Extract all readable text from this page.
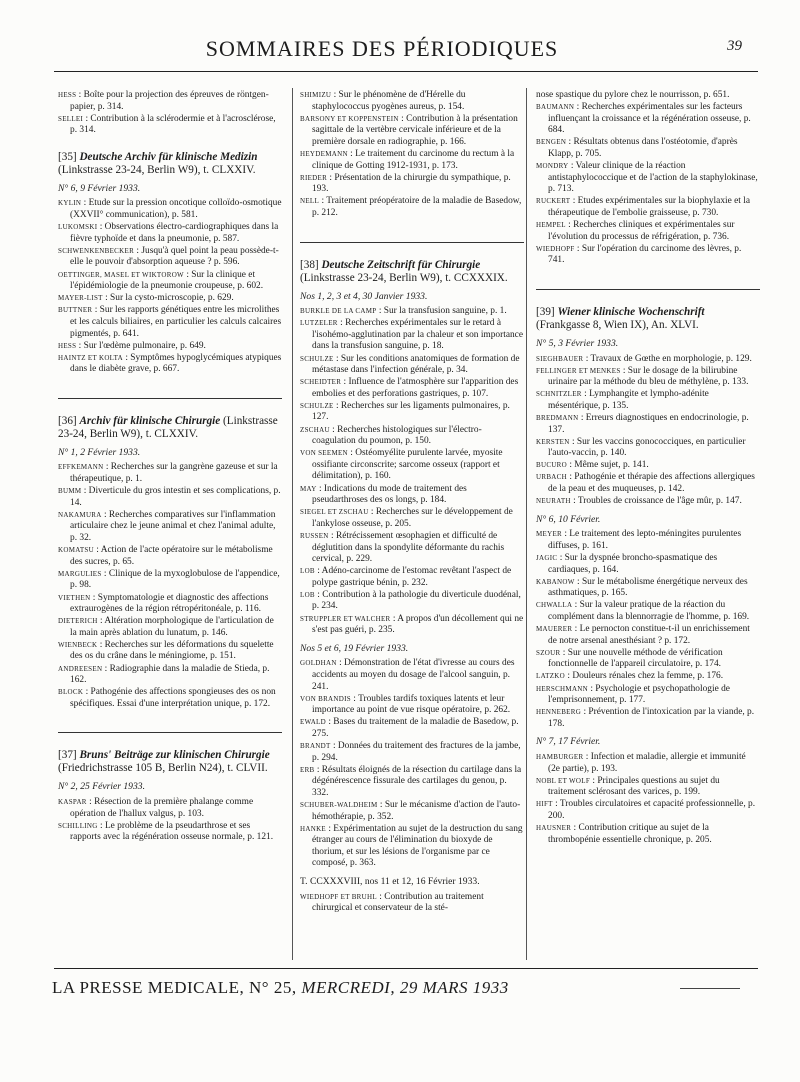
SOMMAIRES DES PÉRIODIQUES	39
HESS : Boîte pour la projection des épreuves de röntgen-papier, p. 314.
SELLEI : Contribution à la sclérodermie et à l'acrosclérose, p. 314.
[35] Deutsche Archiv für klinische Medizin (Linkstrasse 23-24, Berlin W9), t. CLXXIV.
N° 6, 9 Février 1933.
KYLIN : Etude sur la pression oncotique colloïdo-osmotique (XXVII° communication), p. 581.
LUKOMSKI : Observations électro-cardiographiques dans la fièvre typhoïde et dans la pneumonie, p. 587.
SCHWENKENBECKER : Jusqu'à quel point la peau possède-t-elle le pouvoir d'absorption aqueuse ? p. 596.
OETTINGER, MASEL ET WIKTOROW : Sur la clinique et l'épidémiologie de la pneumonie croupeuse, p. 602.
MAYER-LIST : Sur la cysto-microscopie, p. 629.
BUTTNER : Sur les rapports génétiques entre les microlithes et les calculs biliaires, en particulier les calculs calcaires pigmentés, p. 641.
HESS : Sur l'œdème pulmonaire, p. 649.
HAINTZ ET KOLTA : Symptômes hypoglycémiques atypiques dans le diabète grave, p. 667.
[36] Archiv für klinische Chirurgie (Linkstrasse 23-24, Berlin W9), t. CLXXIV.
N° 1, 2 Février 1933.
EFFKEMANN : Recherches sur la gangrène gazeuse et sur la thérapeutique, p. 1.
BUMM : Diverticule du gros intestin et ses complications, p. 14.
NAKAMURA : Recherches comparatives sur l'inflammation articulaire chez le jeune animal et chez l'animal adulte, p. 32.
KOMATSU : Action de l'acte opératoire sur le métabolisme des sucres, p. 65.
MARGULIES : Clinique de la myxoglobulose de l'appendice, p. 98.
VIETHEN : Symptomatologie et diagnostic des affections extraurogènes de la région rétropéritonéale, p. 116.
DIETERICH : Altération morphologique de l'articulation de la main après ablation du lunatum, p. 146.
WIENBECK : Recherches sur les déformations du squelette des os du crâne dans le méningiome, p. 151.
ANDREESEN : Radiographie dans la maladie de Stieda, p. 162.
BLOCK : Pathogénie des affections spongieuses des os non spécifiques. Essai d'une interprétation unique, p. 172.
[37] Bruns' Beiträge zur klinischen Chirurgie (Friedrichstrasse 105 B, Berlin N24), t. CLVII.
N° 2, 25 Février 1933.
KASPAR : Résection de la première phalange comme opération de l'hallux valgus, p. 103.
SCHILLING : Le problème de la pseudarthrose et ses rapports avec la régénération osseuse normale, p. 121.
SHIMIZU : Sur le phénomène de d'Hérelle du staphylococcus pyogènes aureus, p. 154.
BARSONY ET KOPPENSTEIN : Contribution à la présentation sagittale de la vertèbre cervicale inférieure et de la première dorsale en radiographie, p. 166.
HEYDEMANN : Le traitement du carcinome du rectum à la clinique de Gotting 1912-1931, p. 173.
RIEDER : Présentation de la chirurgie du sympathique, p. 193.
NELL : Traitement préopératoire de la maladie de Basedow, p. 212.
[38] Deutsche Zeitschrift für Chirurgie (Linkstrasse 23-24, Berlin W9), t. CCXXXIX.
Nos 1, 2, 3 et 4, 30 Janvier 1933.
BURKLE DE LA CAMP : Sur la transfusion sanguine, p. 1.
LUTZELER : Recherches expérimentales sur le retard à l'isohémo-agglutination par la chaleur et son importance dans la transfusion sanguine, p. 18.
SCHULZE : Sur les conditions anatomiques de formation de métastase dans l'infection générale, p. 34.
SCHEIDTER : Influence de l'atmosphère sur l'apparition des embolies et des perforations gastriques, p. 107.
SCHULZE : Recherches sur les ligaments pulmonaires, p. 127.
ZSCHAU : Recherches histologiques sur l'électro-coagulation du poumon, p. 150.
VON SEEMEN : Ostéomyélite purulente larvée, myosite ossifiante circonscrite; sarcome osseux (rapport et délimitation), p. 160.
MAY : Indications du mode de traitement des pseudarthroses des os longs, p. 184.
SIEGEL ET ZSCHAU : Recherches sur le développement de l'ankylose osseuse, p. 205.
RUSSEN : Rétrécissement œsophagien et difficulté de déglutition dans la spondylite déformante du rachis cervical, p. 229.
LOB : Adéno-carcinome de l'estomac revêtant l'aspect de polype gastrique bénin, p. 232.
LOB : Contribution à la pathologie du diverticule duodénal, p. 234.
STRUPPLER ET WALCHER : A propos d'un décollement qui ne s'est pas guéri, p. 235.
Nos 5 et 6, 19 Février 1933.
GOLDHAN : Démonstration de l'état d'ivresse au cours des accidents au moyen du dosage de l'alcool sanguin, p. 241.
VON BRANDIS : Troubles tardifs toxiques latents et leur importance au point de vue risque opératoire, p. 262.
EWALD : Bases du traitement de la maladie de Basedow, p. 275.
BRANDT : Données du traitement des fractures de la jambe, p. 294.
ERB : Résultats éloignés de la résection du cartilage dans la dégénérescence fissurale des cartilages du genou, p. 332.
SCHUBER-WALDHEIM : Sur le mécanisme d'action de l'auto-hémothérapie, p. 352.
HANKE : Expérimentation au sujet de la destruction du sang étranger au cours de l'élimination du bioxyde de thorium, et sur les lésions de l'organisme par ce composé, p. 363.
T. CCXXXVIII, nos 11 et 12, 16 Février 1933.
WIEDHOPF ET BRUHL : Contribution au traitement chirurgical et conservateur de la sté-
nose spastique du pylore chez le nourrisson, p. 651.
BAUMANN : Recherches expérimentales sur les facteurs influençant la croissance et la régénération osseuse, p. 684.
BENGEN : Résultats obtenus dans l'ostéotomie, d'après Klapp, p. 705.
MONDRY : Valeur clinique de la réaction antistaphylococcique et de l'action de la staphylokinase, p. 713.
RUCKERT : Etudes expérimentales sur la biophylaxie et la thérapeutique de l'embolie graisseuse, p. 730.
HEMPEL : Recherches cliniques et expérimentales sur l'évolution du processus de réfrigération, p. 736.
WIEDHOPF : Sur l'opération du carcinome des lèvres, p. 741.
[39] Wiener klinische Wochenschrift (Frankgasse 8, Wien IX), An. XLVI.
N° 5, 3 Février 1933.
SIEGHBAUER : Travaux de Gœthe en morphologie, p. 129.
FELLINGER ET MENKES : Sur le dosage de la bilirubine urinaire par la méthode du bleu de méthylène, p. 133.
SCHNITZLER : Lymphangite et lympho-adénite mésentérique, p. 135.
BREDMANN : Erreurs diagnostiques en endocrinologie, p. 137.
KERSTEN : Sur les vaccins gonococciques, en particulier l'auto-vaccin, p. 140.
BUCURO : Même sujet, p. 141.
URBACH : Pathogénie et thérapie des affections allergiques de la peau et des muqueuses, p. 142.
NEURATH : Troubles de croissance de l'âge mûr, p. 147.
N° 6, 10 Février.
MEYER : Le traitement des lepto-méningites purulentes diffuses, p. 161.
JAGIC : Sur la dyspnée broncho-spasmatique des cardiaques, p. 164.
KABANOW : Sur le métabolisme énergétique nerveux des asthmatiques, p. 165.
CHWALLA : Sur la valeur pratique de la réaction du complément dans la blennorragie de l'homme, p. 169.
MAUERER : Le pernocton constitue-t-il un enrichissement de notre arsenal anesthésiant ? p. 172.
SZOUR : Sur une nouvelle méthode de vérification fonctionnelle de l'appareil circulatoire, p. 174.
LATZKO : Douleurs rénales chez la femme, p. 176.
HERSCHMANN : Psychologie et psychopathologie de l'emprisonnement, p. 177.
HENNEBERG : Prévention de l'intoxication par la viande, p. 178.
N° 7, 17 Février.
HAMBURGER : Infection et maladie, allergie et immunité (2e partie), p. 193.
NOBL ET WOLF : Principales questions au sujet du traitement sclérosant des varices, p. 199.
HIFT : Troubles circulatoires et capacité professionnelle, p. 200.
HAUSNER : Contribution critique au sujet de la thrombopénie essentielle chronique, p. 205.
LA PRESSE MEDICALE, N° 25, MERCREDI, 29 MARS 1933
